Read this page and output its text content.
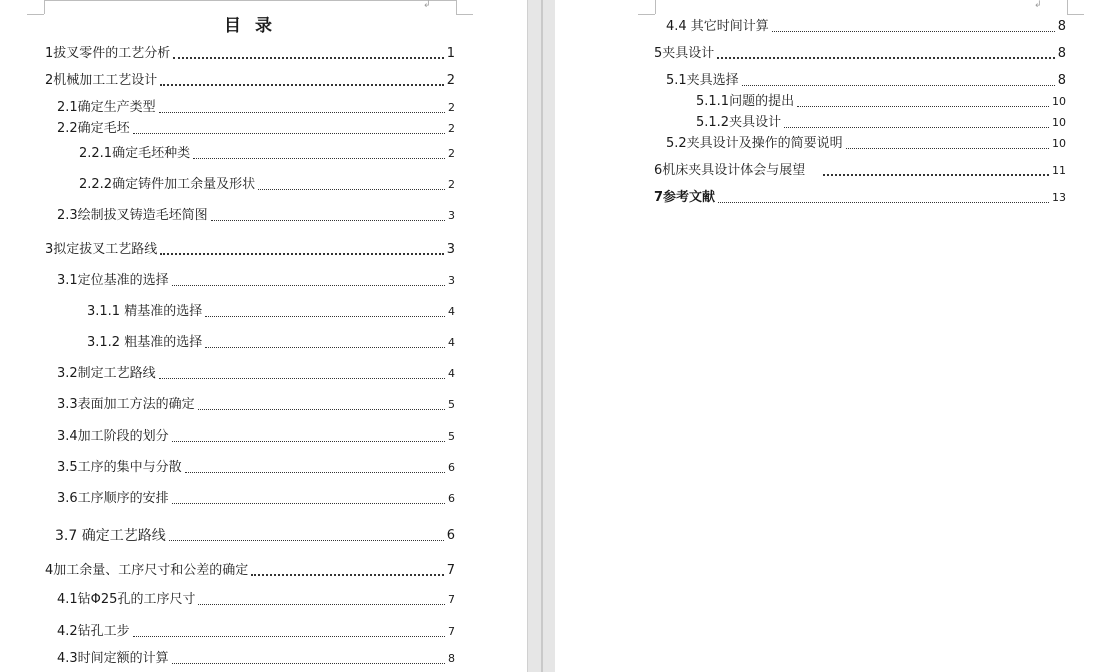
↲
目 录
1拔叉零件的工艺分析	1
2机械加工工艺设计	2
2.1确定生产类型	2
2.2确定毛坯	2
2.2.1确定毛坯种类	2
2.2.2确定铸件加工余量及形状	2
2.3绘制拔叉铸造毛坯简图	3
3拟定拔叉工艺路线	3
3.1定位基准的选择	3
3.1.1 精基准的选择	4
3.1.2 粗基准的选择	4
3.2制定工艺路线	4
3.3表面加工方法的确定	5
3.4加工阶段的划分	5
3.5工序的集中与分散	6
3.6工序顺序的安排	6
3.7 确定工艺路线	6
4加工余量、工序尺寸和公差的确定	7
4.1钻Φ25孔的工序尺寸	7
4.2钻孔工步	7
4.3时间定额的计算	8
↲
4.4 其它时间计算	8
5夹具设计	8
5.1夹具选择	8
5.1.1问题的提出	10
5.1.2夹具设计	10
5.2夹具设计及操作的简要说明	10
6机床夹具设计体会与展望	11
7参考文献	13
